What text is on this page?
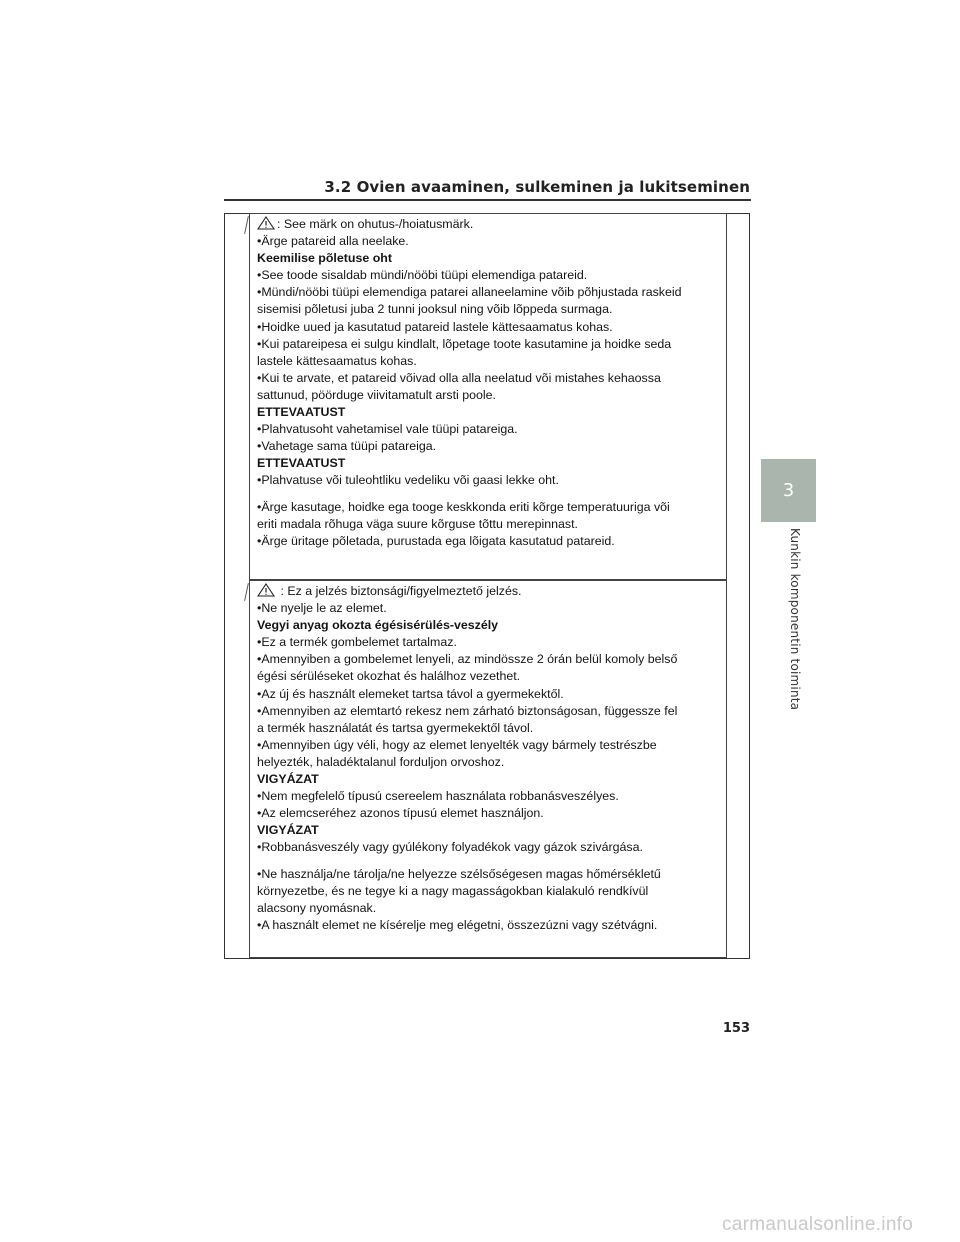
3.2 Ovien avaaminen, sulkeminen ja lukitseminen
3
Kunkin komponentin toiminta
: See märk on ohutus-/hoiatusmärk.
•Ärge patareid alla neelake.
Keemilise põletuse oht
•See toode sisaldab mündi/nööbi tüüpi elemendiga patareid.
•Mündi/nööbi tüüpi elemendiga patarei allaneelamine võib põhjustada raskeid
sisemisi põletusi juba 2 tunni jooksul ning võib lõppeda surmaga.
•Hoidke uued ja kasutatud patareid lastele kättesaamatus kohas.
•Kui patareipesa ei sulgu kindlalt, lõpetage toote kasutamine ja hoidke seda
lastele kättesaamatus kohas.
•Kui te arvate, et patareid võivad olla alla neelatud või mistahes kehaossa
sattunud, pöörduge viivitamatult arsti poole.
ETTEVAATUST
•Plahvatusoht vahetamisel vale tüüpi patareiga.
•Vahetage sama tüüpi patareiga.
ETTEVAATUST
•Plahvatuse või tuleohtliku vedeliku või gaasi lekke oht.
•Ärge kasutage, hoidke ega tooge keskkonda eriti kõrge temperatuuriga või
eriti madala rõhuga väga suure kõrguse tõttu merepinnast.
•Ärge üritage põletada, purustada ega lõigata kasutatud patareid.
: Ez a jelzés biztonsági/figyelmeztető jelzés.
•Ne nyelje le az elemet.
Vegyi anyag okozta égésisérülés-veszély
•Ez a termék gombelemet tartalmaz.
•Amennyiben a gombelemet lenyeli, az mindössze 2 órán belül komoly belső
égési sérüléseket okozhat és halálhoz vezethet.
•Az új és használt elemeket tartsa távol a gyermekektől.
•Amennyiben az elemtartó rekesz nem zárható biztonságosan, függessze fel
a termék használatát és tartsa gyermekektől távol.
•Amennyiben úgy véli, hogy az elemet lenyelték vagy bármely testrészbe
helyezték, haladéktalanul forduljon orvoshoz.
VIGYÁZAT
•Nem megfelelő típusú csereelem használata robbanásveszélyes.
•Az elemcseréhez azonos típusú elemet használjon.
VIGYÁZAT
•Robbanásveszély vagy gyúlékony folyadékok vagy gázok szivárgása.
•Ne használja/ne tárolja/ne helyezze szélsőségesen magas hőmérsékletű
környezetbe, és ne tegye ki a nagy magasságokban kialakuló rendkívül
alacsony nyomásnak.
•A használt elemet ne kísérelje meg elégetni, összezúzni vagy szétvágni.
153
carmanualsonline.info
